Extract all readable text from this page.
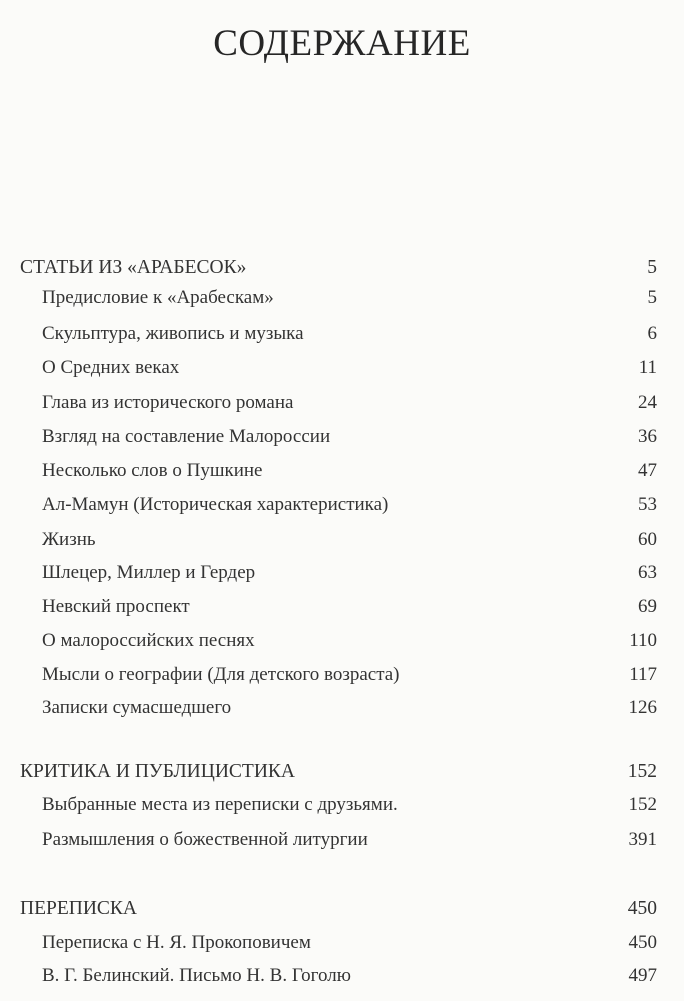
СОДЕРЖАНИЕ
СТАТЬИ ИЗ «АРАБЕСОК»	5
Предисловие к «Арабескам»	5
Скульптура, живопись и музыка	6
О Средних веках	11
Глава из исторического романа	24
Взгляд на составление Малороссии	36
Несколько слов о Пушкине	47
Ал-Мамун (Историческая характеристика)	53
Жизнь	60
Шлецер, Миллер и Гердер	63
Невский проспект	69
О малороссийских песнях	110
Мысли о географии (Для детского возраста)	117
Записки сумасшедшего	126
КРИТИКА И ПУБЛИЦИСТИКА	152
Выбранные места из переписки с друзьями.	152
Размышления о божественной литургии	391
ПЕРЕПИСКА	450
Переписка с Н. Я. Прокоповичем	450
В. Г. Белинский. Письмо Н. В. Гоголю	497
